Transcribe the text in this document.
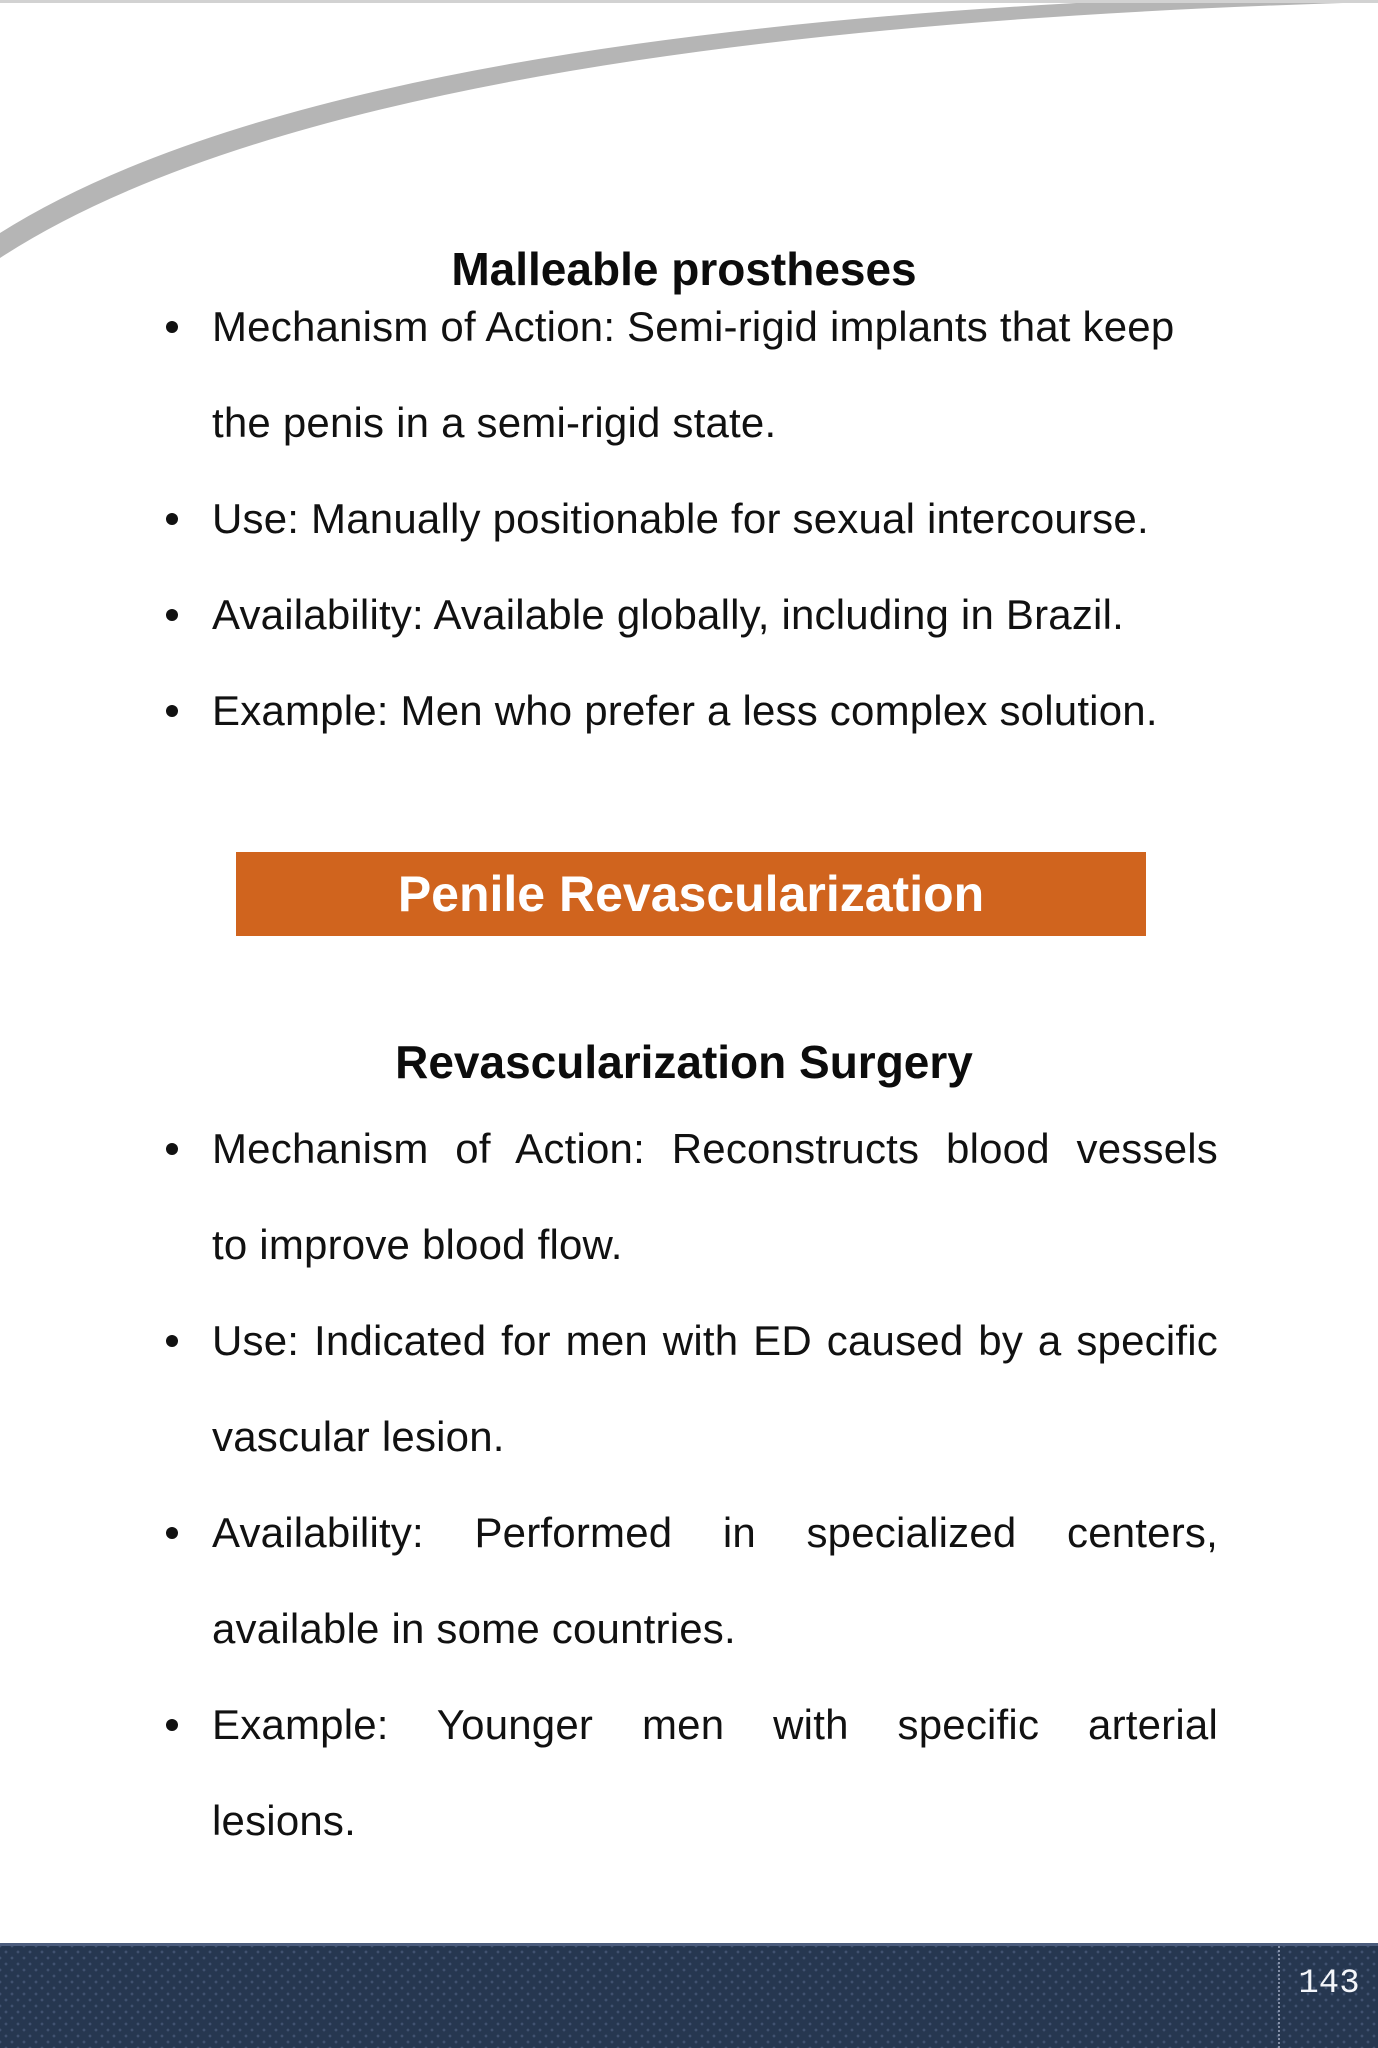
Malleable prostheses
Mechanism of Action: Semi-rigid implants that keep
the penis in a semi-rigid state.
Use: Manually positionable for sexual intercourse.
Availability: Available globally, including in Brazil.
Example: Men who prefer a less complex solution.
Penile Revascularization
Revascularization Surgery
Mechanism of Action: Reconstructs blood vessels
to improve blood flow.
Use: Indicated for men with ED caused by a specific
vascular lesion.
Availability: Performed in specialized centers,
available in some countries.
Example: Younger men with specific arterial
lesions.
143
